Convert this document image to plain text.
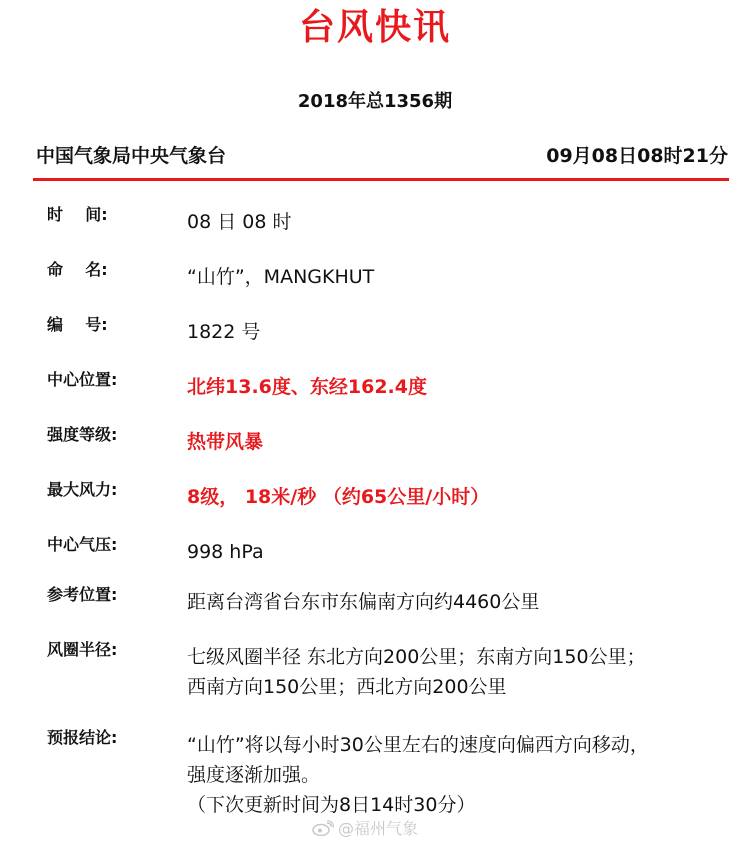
台风快讯
2018年总1356期
中国气象局中央气象台	09月08日08时21分
时    间:	08 日 08 时
命    名:	“山竹”，MANGKHUT
编    号:	1822 号
中心位置:	北纬13.6度、东经162.4度
强度等级:	热带风暴
最大风力:	8级， 18米/秒 （约65公里/小时）
中心气压:	998 hPa
参考位置:	距离台湾省台东市东偏南方向约4460公里
风圈半径:	七级风圈半径 东北方向200公里；东南方向150公里；
西南方向150公里；西北方向200公里
预报结论:	“山竹”将以每小时30公里左右的速度向偏西方向移动，
强度逐渐加强。
（下次更新时间为8日14时30分）
@福州气象
